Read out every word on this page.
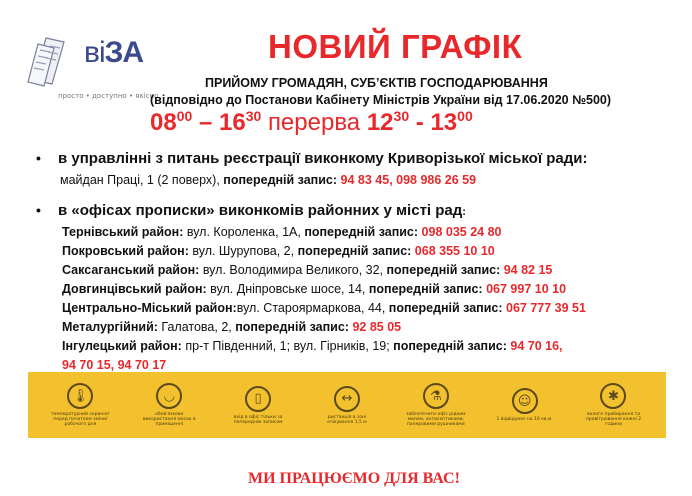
віЗА
просто • доступно • якісно
НОВИЙ ГРАФІК
ПРИЙОМУ ГРОМАДЯН, СУБ’ЄКТІВ ГОСПОДАРЮВАННЯ
(відповідно до Постанови Кабінету Міністрів України від 17.06.2020 №500)
$08^{00} - 16^{30}$ перерва $12^{30} - 13^{00}$
• в управлінні з питань реєстрації виконкому Криворізької міської ради:
майдан Праці, 1 (2 поверх), попередній запис: 94 83 45, 098 986 26 59
• в «офісах прописки» виконкомів районних у місті рад:
Тернівський район: вул. Короленка, 1А, попередній запис: 098 035 24 80
Покровський район: вул. Шурупова, 2, попередній запис: 068 355 10 10
Саксаганський район: вул. Володимира Великого, 32, попередній запис: 94 82 15
Довгинцівський район: вул. Дніпровське шосе, 14, попередній запис: 067 997 10 10
Центрально-Міський район:вул. Староярмаркова, 44, попередній запис: 067 777 39 51
Металургійний: Галатова, 2, попередній запис: 92 85 05
Інгулецький район: пр-т Південний, 1; вул. Гірників, 19; попередній запис: 94 70 16,
94 70 15, 94 70 17
🌡
температурний скринінг перед початком зміни/ робочого дня
◡
обов'язкове використання масок в приміщенні
▯
вхід в офіс тільки за попереднім записом
↔
дистанція в зоні очікування 1,5 м
⚗
забезпечити офіс рідким милом, антисептиками, паперовими рушниками
☺
1 відвідувач на 10 кв.м.
✱
вологе прибирання та провітрювання кожні 2 години
МИ ПРАЦЮЄМО ДЛЯ ВАС!
